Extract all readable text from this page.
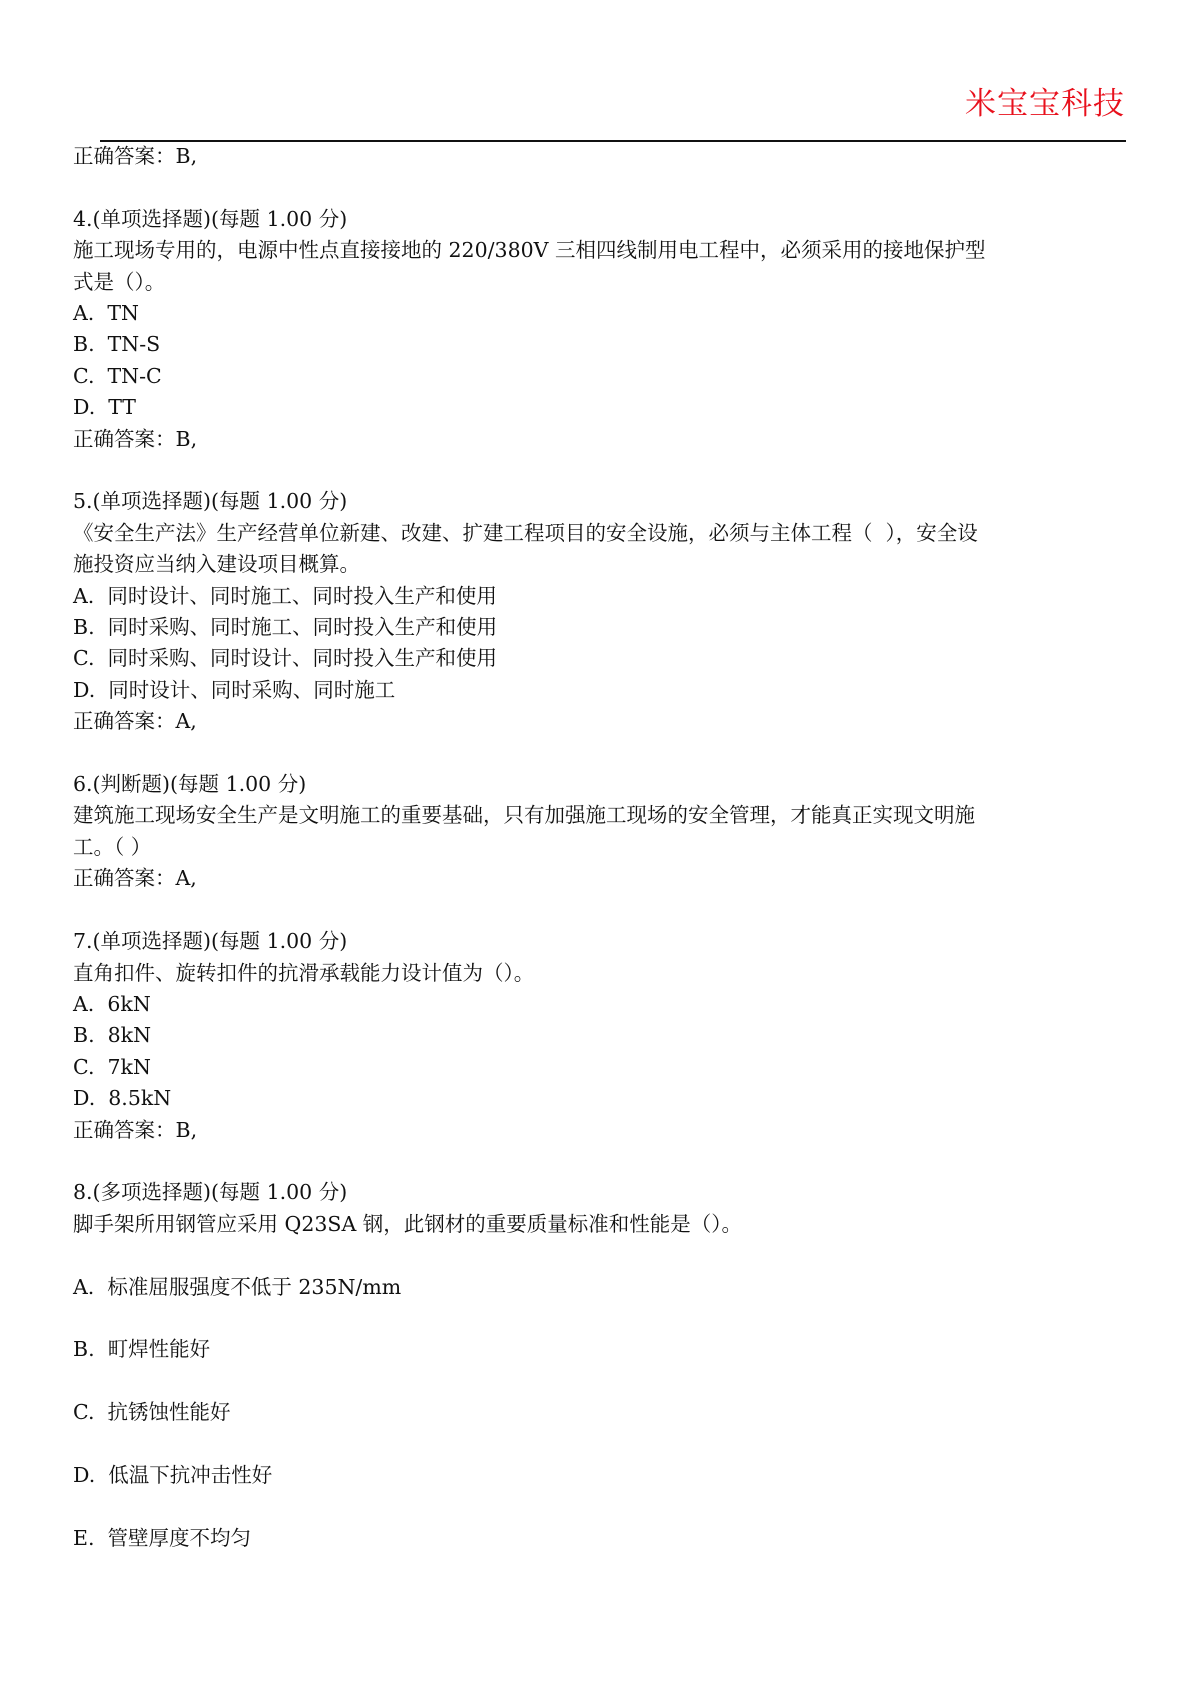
米宝宝科技
正确答案：B,
4.(单项选择题)(每题 1.00 分)
施工现场专用的，电源中性点直接接地的 220/380V 三相四线制用电工程中，必须采用的接地保护型
式是（）。
A.  TN
B.  TN-S
C.  TN-C
D.  TT
正确答案：B,
5.(单项选择题)(每题 1.00 分)
《安全生产法》生产经营单位新建、改建、扩建工程项目的安全设施，必须与主体工程（  ），安全设
施投资应当纳入建设项目概算。
A.  同时设计、同时施工、同时投入生产和使用
B.  同时采购、同时施工、同时投入生产和使用
C.  同时采购、同时设计、同时投入生产和使用
D.  同时设计、同时采购、同时施工
正确答案：A,
6.(判断题)(每题 1.00 分)
建筑施工现场安全生产是文明施工的重要基础，只有加强施工现场的安全管理，才能真正实现文明施
工。（ ）
正确答案：A,
7.(单项选择题)(每题 1.00 分)
直角扣件、旋转扣件的抗滑承载能力设计值为（）。
A.  6kN
B.  8kN
C.  7kN
D.  8.5kN
正确答案：B,
8.(多项选择题)(每题 1.00 分)
脚手架所用钢管应采用 Q23SA 钢，此钢材的重要质量标准和性能是（）。
A.  标准屈服强度不低于 235N/mm
B.  町焊性能好
C.  抗锈蚀性能好
D.  低温下抗冲击性好
E.  管壁厚度不均匀
